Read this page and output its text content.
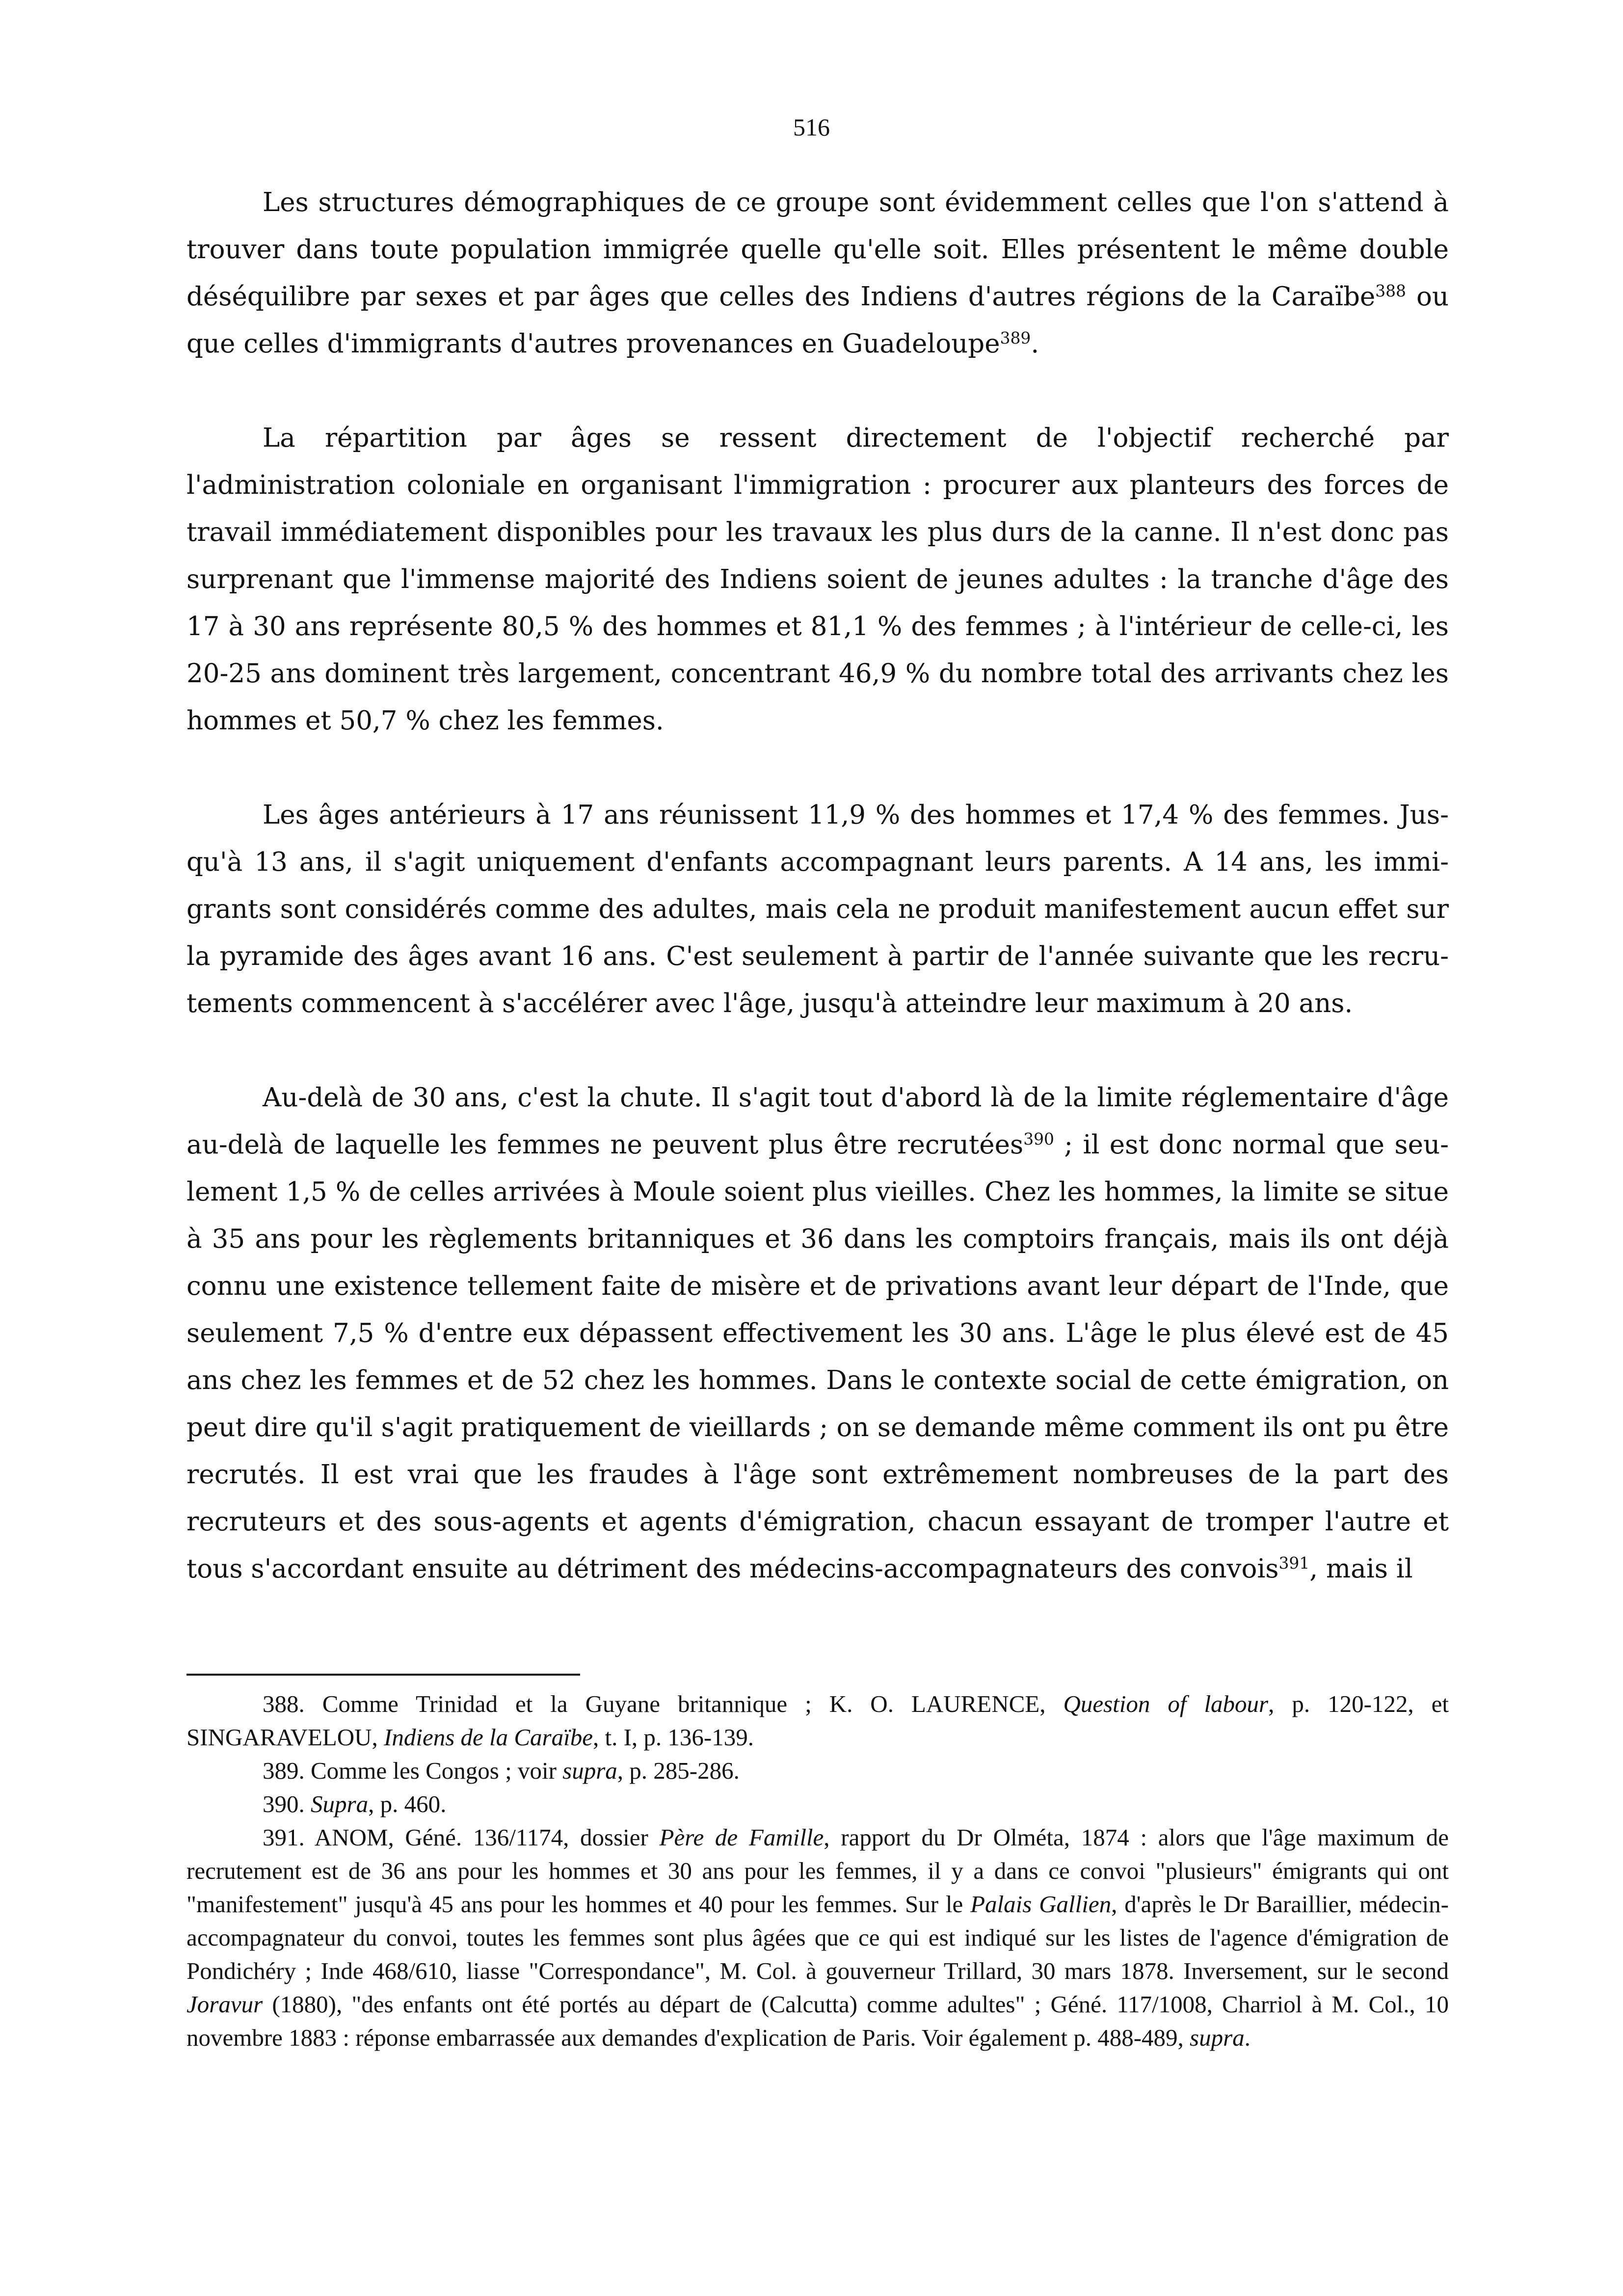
516

Les structures démographiques de ce groupe sont évidemment celles que l'on s'attend à trouver dans toute population immigrée quelle qu'elle soit. Elles présentent le même double déséquilibre par sexes et par âges que celles des Indiens d'autres régions de la Caraïbe$^{388}$ ou que celles d'immigrants d'autres provenances en Guadeloupe$^{389}$.

La répartition par âges se ressent directement de l'objectif recherché par l'administration coloniale en organisant l'immigration : procurer aux planteurs des forces de travail immédiatement disponibles pour les travaux les plus durs de la canne. Il n'est donc pas surprenant que l'immense majorité des Indiens soient de jeunes adultes : la tranche d'âge des 17 à 30 ans représente 80,5 % des hommes et 81,1 % des femmes ; à l'intérieur de celle-ci, les 20-25 ans dominent très largement, concentrant 46,9 % du nombre total des arrivants chez les hommes et 50,7 % chez les femmes.

Les âges antérieurs à 17 ans réunissent 11,9 % des hommes et 17,4 % des femmes. Jusqu'à 13 ans, il s'agit uniquement d'enfants accompagnant leurs parents. A 14 ans, les immigrants sont considérés comme des adultes, mais cela ne produit manifestement aucun effet sur la pyramide des âges avant 16 ans. C'est seulement à partir de l'année suivante que les recrutements commencent à s'accélérer avec l'âge, jusqu'à atteindre leur maximum à 20 ans.

Au-delà de 30 ans, c'est la chute. Il s'agit tout d'abord là de la limite réglementaire d'âge au-delà de laquelle les femmes ne peuvent plus être recrutées$^{390}$ ; il est donc normal que seulement 1,5 % de celles arrivées à Moule soient plus vieilles. Chez les hommes, la limite se situe à 35 ans pour les règlements britanniques et 36 dans les comptoirs français, mais ils ont déjà connu une existence tellement faite de misère et de privations avant leur départ de l'Inde, que seulement 7,5 % d'entre eux dépassent effectivement les 30 ans. L'âge le plus élevé est de 45 ans chez les femmes et de 52 chez les hommes. Dans le contexte social de cette émigration, on peut dire qu'il s'agit pratiquement de vieillards ; on se demande même comment ils ont pu être recrutés. Il est vrai que les fraudes à l'âge sont extrêmement nombreuses de la part des recruteurs et des sous-agents et agents d'émigration, chacun essayant de tromper l'autre et tous s'accordant ensuite au détriment des médecins-accompagnateurs des convois$^{391}$, mais il

388. Comme Trinidad et la Guyane britannique ; K. O. LAURENCE, Question of labour, p. 120-122, et SINGARAVELOU, Indiens de la Caraïbe, t. I, p. 136-139.

389. Comme les Congos ; voir supra, p. 285-286.

390. Supra, p. 460.

391. ANOM, Géné. 136/1174, dossier Père de Famille, rapport du Dr Olméta, 1874 : alors que l'âge maximum de recrutement est de 36 ans pour les hommes et 30 ans pour les femmes, il y a dans ce convoi "plusieurs" émigrants qui ont "manifestement" jusqu'à 45 ans pour les hommes et 40 pour les femmes. Sur le Palais Gallien, d'après le Dr Baraillier, médecin-accompagnateur du convoi, toutes les femmes sont plus âgées que ce qui est indiqué sur les listes de l'agence d'émigration de Pondichéry ; Inde 468/610, liasse "Correspondance", M. Col. à gouverneur Trillard, 30 mars 1878. Inversement, sur le second Joravur (1880), "des enfants ont été portés au départ de (Calcutta) comme adultes" ; Géné. 117/1008, Charriol à M. Col., 10 novembre 1883 : réponse embarrassée aux demandes d'explication de Paris. Voir également p. 488-489, supra.
